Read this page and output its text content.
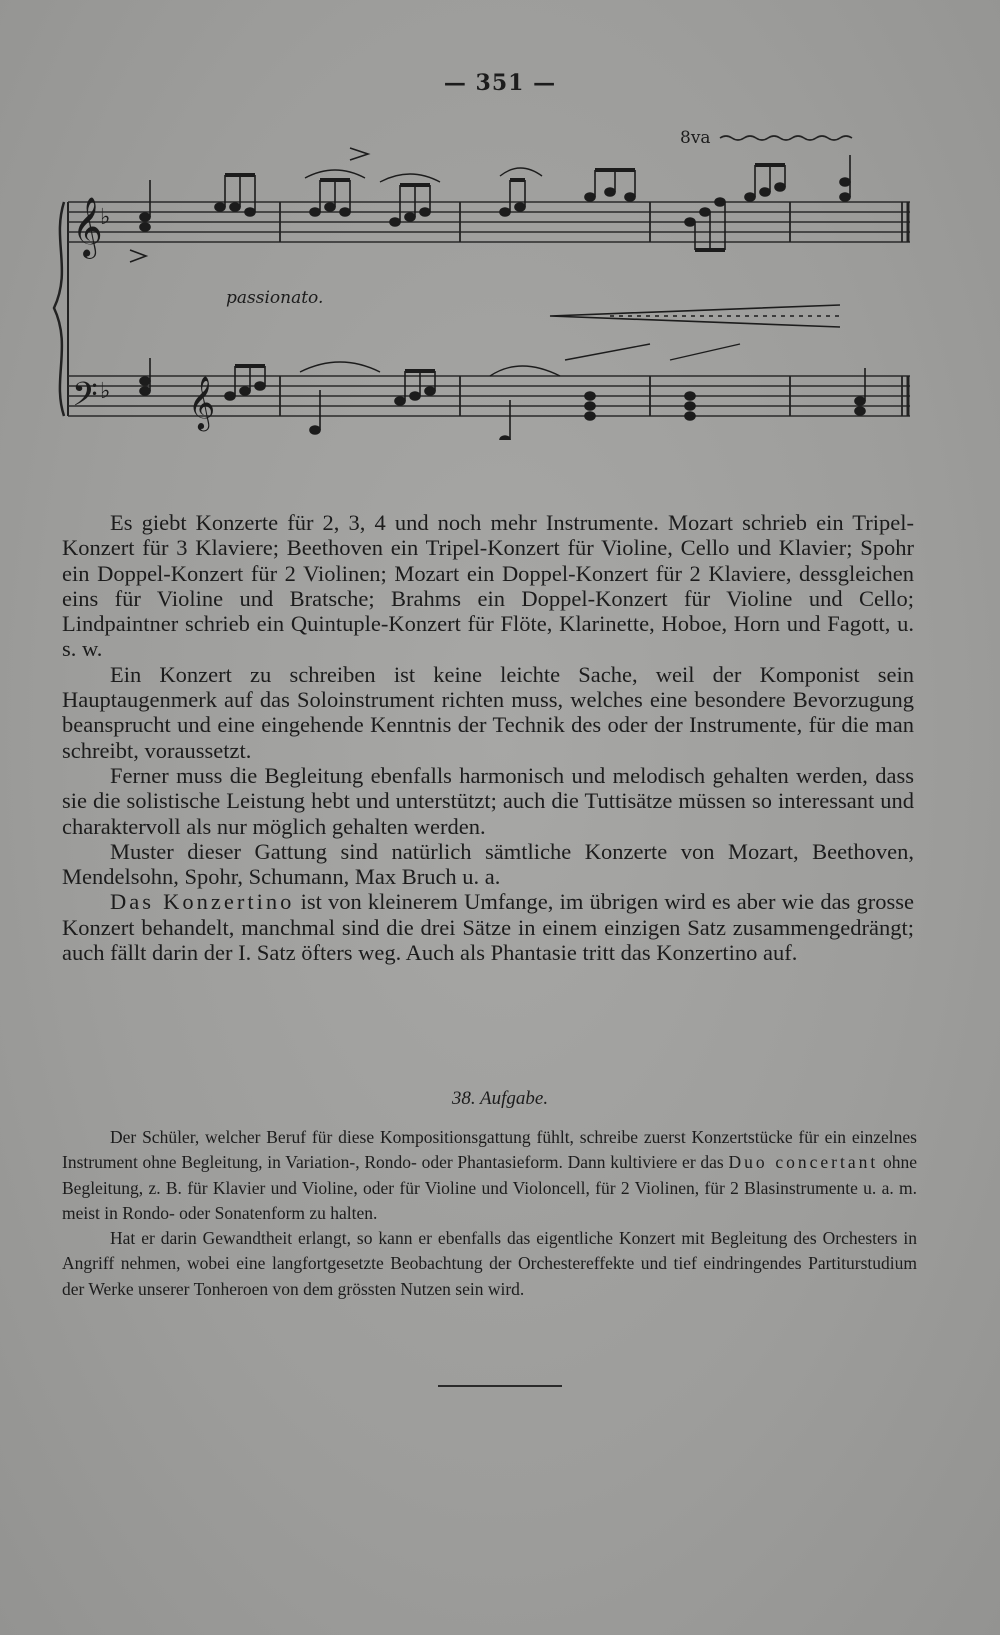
— 351 —
8va
𝄞
𝄢
♭
♭ 𝄞
passionato.

Es giebt Konzerte für 2, 3, 4 und noch mehr Instrumente. Mozart schrieb ein Tripel-Konzert für 3 Klaviere; Beethoven ein Tripel-Konzert für Violine, Cello und Klavier; Spohr ein Doppel-Konzert für 2 Violinen; Mozart ein Doppel-Konzert für 2 Klaviere, dessgleichen eins für Violine und Bratsche; Brahms ein Doppel-Konzert für Violine und Cello; Lindpaintner schrieb ein Quintuple-Konzert für Flöte, Klarinette, Hoboe, Horn und Fagott, u. s. w.

Ein Konzert zu schreiben ist keine leichte Sache, weil der Komponist sein Hauptaugenmerk auf das Soloinstrument richten muss, welches eine besondere Bevorzugung beansprucht und eine eingehende Kenntnis der Technik des oder der Instrumente, für die man schreibt, voraussetzt.

Ferner muss die Begleitung ebenfalls harmonisch und melodisch gehalten werden, dass sie die solistische Leistung hebt und unterstützt; auch die Tuttisätze müssen so interessant und charaktervoll als nur möglich gehalten werden.

Muster dieser Gattung sind natürlich sämtliche Konzerte von Mozart, Beethoven, Mendelsohn, Spohr, Schumann, Max Bruch u. a.

Das Konzertino ist von kleinerem Umfange, im übrigen wird es aber wie das grosse Konzert behandelt, manchmal sind die drei Sätze in einem einzigen Satz zusammengedrängt; auch fällt darin der I. Satz öfters weg. Auch als Phantasie tritt das Konzertino auf.

38. Aufgabe.

Der Schüler, welcher Beruf für diese Kompositionsgattung fühlt, schreibe zuerst Konzertstücke für ein einzelnes Instrument ohne Begleitung, in Variation-, Rondo- oder Phantasieform. Dann kultiviere er das Duo concertant ohne Begleitung, z. B. für Klavier und Violine, oder für Violine und Violoncell, für 2 Violinen, für 2 Blasinstrumente u. a. m. meist in Rondo- oder Sonatenform zu halten.

Hat er darin Gewandtheit erlangt, so kann er ebenfalls das eigentliche Konzert mit Begleitung des Orchesters in Angriff nehmen, wobei eine langfortgesetzte Beobachtung der Orchestereffekte und tief eindringendes Partiturstudium der Werke unserer Tonheroen von dem grössten Nutzen sein wird.
